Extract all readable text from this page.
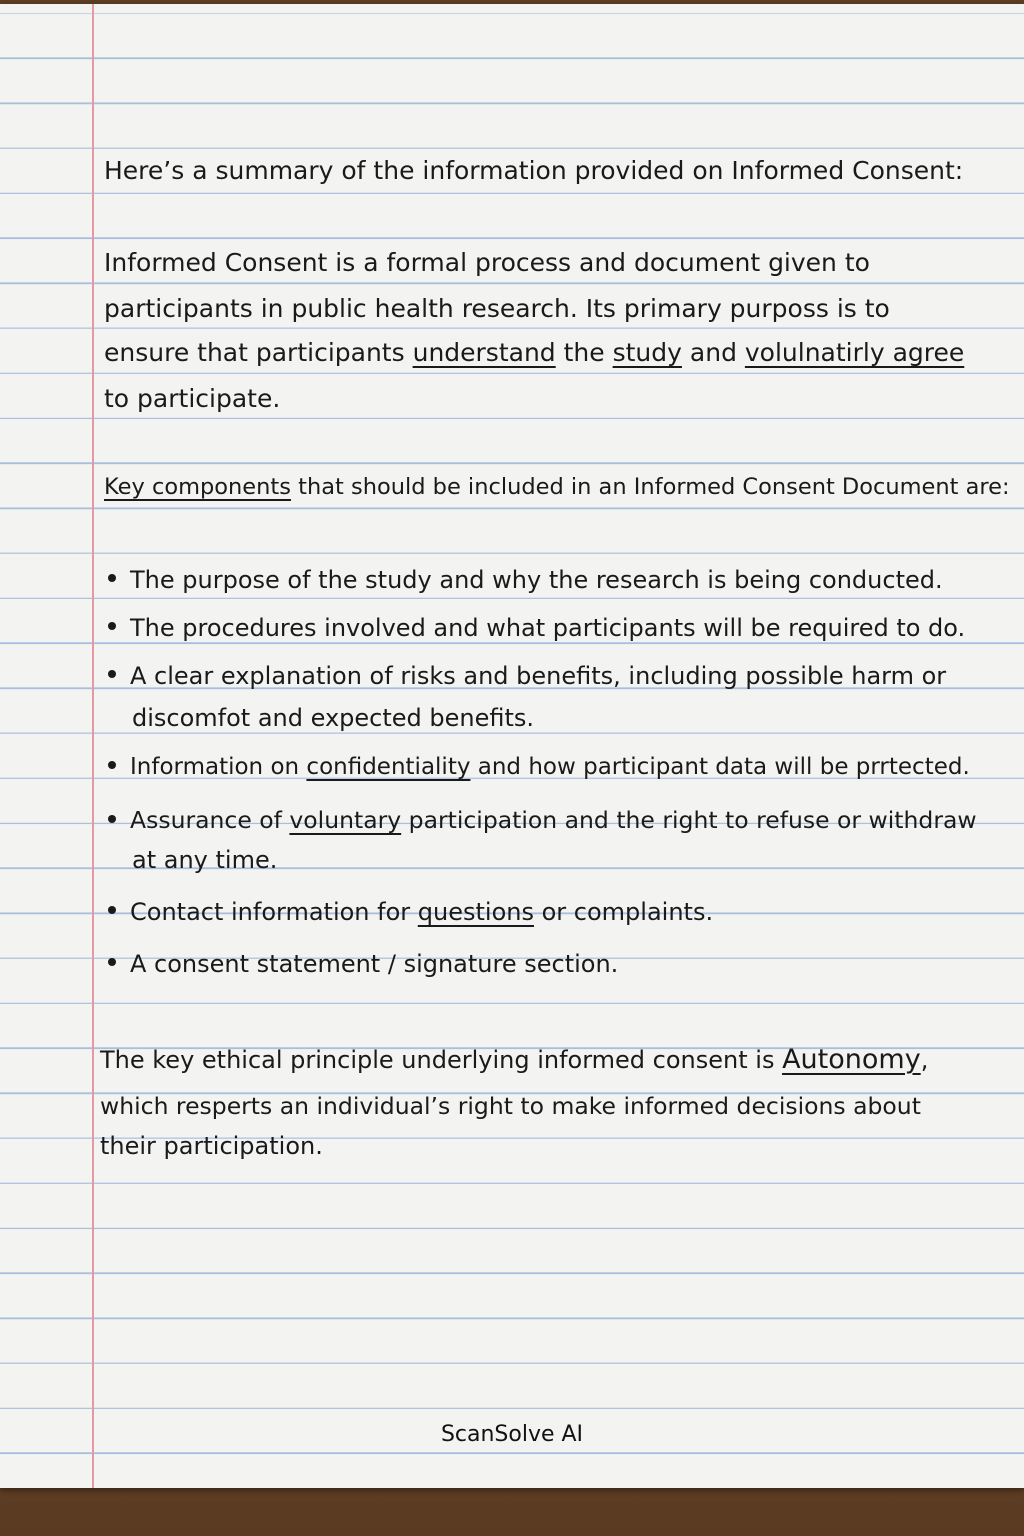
Here’s a summary of the information provided on Informed Consent:
Informed Consent is a formal process and document given to
participants in public health research. Its primary purposs is to
ensure that participants understand the study and volulnatirly agree
to participate.
Key components that should be included in an Informed Consent Document are:
The purpose of the study and why the research is being conducted.
The procedures involved and what participants will be required to do.
A clear explanation of risks and benefits, including possible harm or
discomfot and expected benefits.
Information on confidentiality and how participant data will be prrtected.
Assurance of voluntary participation and the right to refuse or withdraw
at any time.
Contact information for questions or complaints.
A consent statement / signature section.
The key ethical principle underlying informed consent is Autonomy,
which resperts an individual’s right to make informed decisions about
their participation.
ScanSolve AI
